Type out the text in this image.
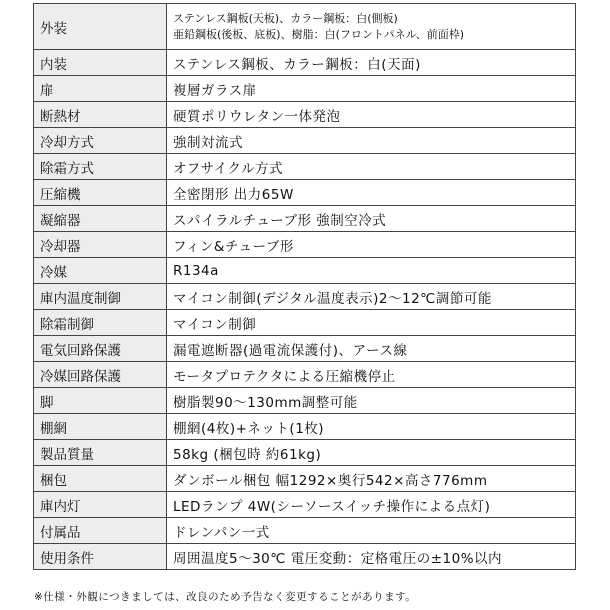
外装	ステンレス鋼板(天板)、カラー鋼板：白(側板)
亜鉛鋼板(後板、底板)、樹脂：白(フロントパネル、前面枠)

内装	ステンレス鋼板、カラー鋼板：白(天面)
扉	複層ガラス扉
断熱材	硬質ポリウレタン一体発泡
冷却方式	強制対流式
除霜方式	オフサイクル方式
圧縮機	全密閉形 出力65W
凝縮器	スパイラルチューブ形 強制空冷式
冷却器	フィン&チューブ形
冷媒	R134a
庫内温度制御	マイコン制御(デジタル温度表示)2～12℃調節可能
除霜制御	マイコン制御
電気回路保護	漏電遮断器(過電流保護付)、アース線
冷媒回路保護	モータプロテクタによる圧縮機停止
脚	樹脂製90～130mm調整可能
棚網	棚網(4枚)+ネット(1枚)
製品質量	58kg (梱包時 約61kg)
梱包	ダンボール梱包 幅1292×奥行542×高さ776mm
庫内灯	LEDランプ 4W(シーソースイッチ操作による点灯)
付属品	ドレンパン一式
使用条件	周囲温度5～30℃ 電圧変動：定格電圧の±10%以内
※仕様・外観につきましては、改良のため予告なく変更することがあります。
